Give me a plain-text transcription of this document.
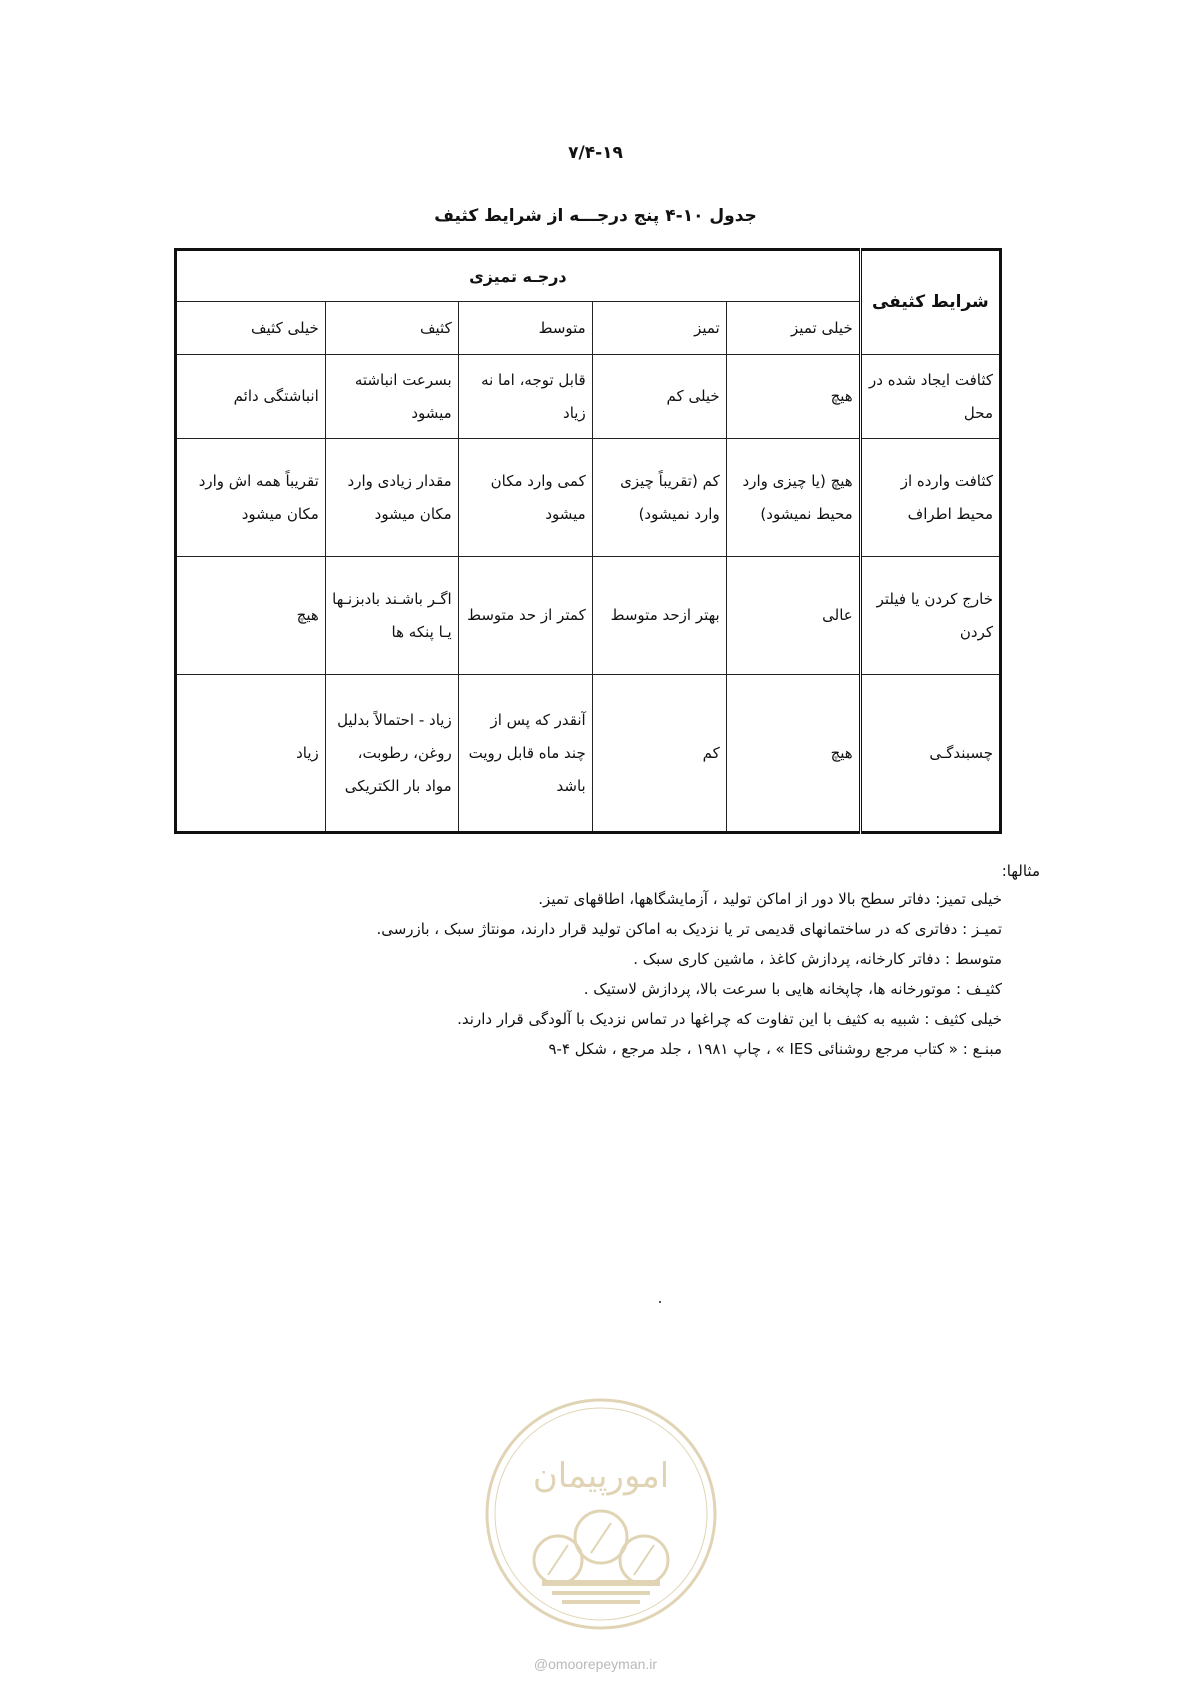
۷/۴-۱۹
جدول ۱۰-۴ پنج درجـــه از شرایط کثیف
شرایط کثیفی	درجـه تمیزی				
	خیلی تمیز	تمیز	متوسط	کثیف	خیلی کثیف
کثافت ایجاد شده در محل	هیچ	خیلی کم	قابل توجه، اما نه زیاد	بسرعت انباشته میشود	انباشتگی دائم
کثافت وارده از محیط اطراف	هیچ (یا چیزی وارد محیط نمیشود)	کم (تقریباً چیزی وارد نمیشود)	کمی وارد مکان میشود	مقدار زیادی وارد مکان میشود	تقریباً همه اش وارد مکان میشود
خارج کردن یا فیلتر کردن	عالی	بهتر ازحد متوسط	کمتر از حد متوسط	اگـر باشـند بادبزنـها یـا پنکه ها	هیچ
چسبندگـی	هیچ	کم	آنقدر که پس از چند ماه قابل رویت باشد	زیاد - احتمالاً بدلیل روغن، رطوبت، مواد بار الکتریکی	زیاد
مثالها:
خیلی تمیز: دفاتر سطح بالا دور از اماکن تولید ، آزمایشگاهها، اطاقهای تمیز.
تمیـز : دفاتری که در ساختمانهای قدیمی تر یا نزدیک به اماکن تولید قرار دارند، مونتاژ سبک ، بازرسی.
متوسط : دفاتر کارخانه، پردازش کاغذ ، ماشین کاری سبک .
کثیـف : موتورخانه ها، چاپخانه هایی با سرعت بالا، پردازش لاستیک .
خیلی کثیف : شبیه به کثیف با این تفاوت که چراغها در تماس نزدیک با آلودگی قرار دارند.
مبنـع : « کتاب مرجع روشنائی IES » ، چاپ ۱۹۸۱ ، جلد مرجع ، شکل ۴-۹
امورپیمان
@omoorepeyman.ir
